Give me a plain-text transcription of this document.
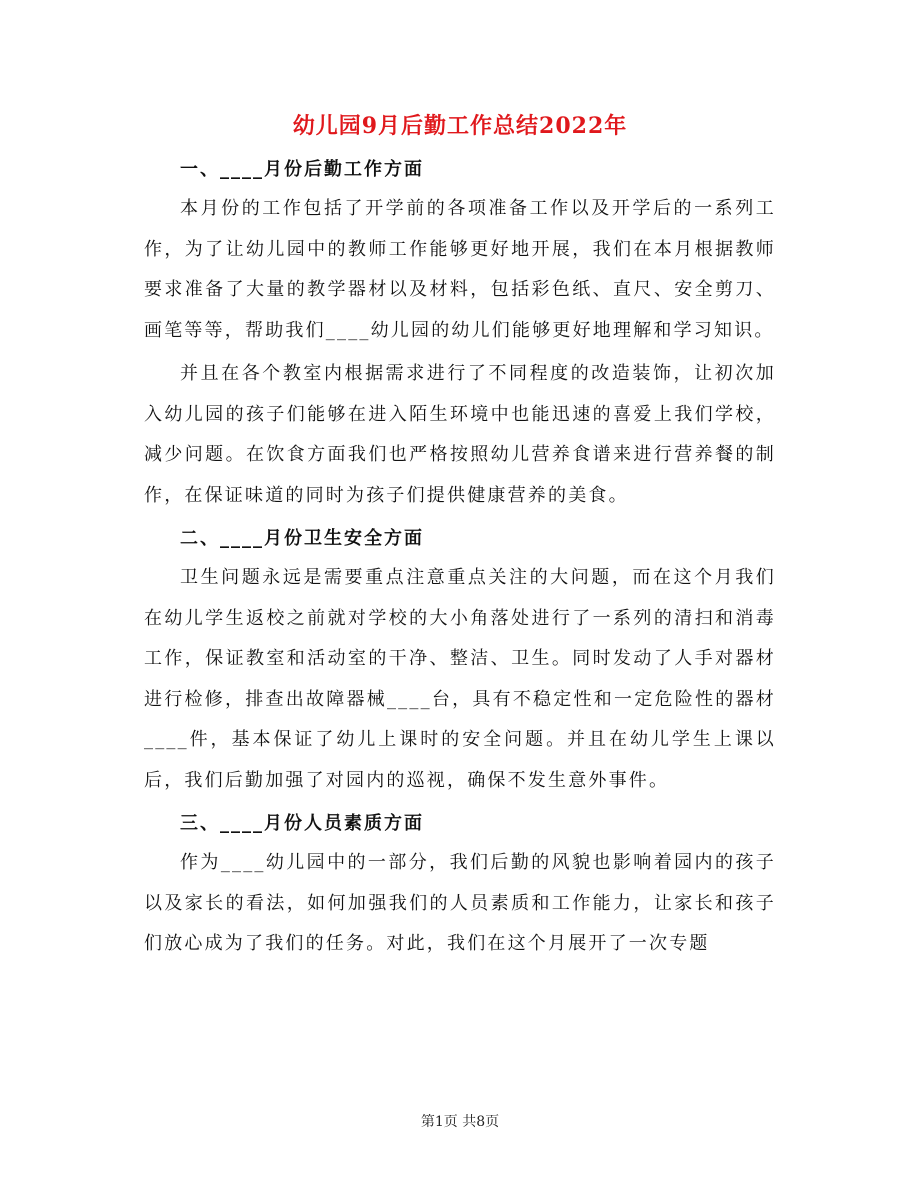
幼儿园9月后勤工作总结2022年

一、____月份后勤工作方面

本月份的工作包括了开学前的各项准备工作以及开学后的一系列工作，为了让幼儿园中的教师工作能够更好地开展，我们在本月根据教师要求准备了大量的教学器材以及材料，包括彩色纸、直尺、安全剪刀、画笔等等，帮助我们____幼儿园的幼儿们能够更好地理解和学习知识。

并且在各个教室内根据需求进行了不同程度的改造装饰，让初次加入幼儿园的孩子们能够在进入陌生环境中也能迅速的喜爱上我们学校，减少问题。在饮食方面我们也严格按照幼儿营养食谱来进行营养餐的制作，在保证味道的同时为孩子们提供健康营养的美食。

二、____月份卫生安全方面

卫生问题永远是需要重点注意重点关注的大问题，而在这个月我们在幼儿学生返校之前就对学校的大小角落处进行了一系列的清扫和消毒工作，保证教室和活动室的干净、整洁、卫生。同时发动了人手对器材进行检修，排查出故障器械____台，具有不稳定性和一定危险性的器材____件，基本保证了幼儿上课时的安全问题。并且在幼儿学生上课以后，我们后勤加强了对园内的巡视，确保不发生意外事件。

三、____月份人员素质方面

作为____幼儿园中的一部分，我们后勤的风貌也影响着园内的孩子以及家长的看法，如何加强我们的人员素质和工作能力，让家长和孩子们放心成为了我们的任务。对此，我们在这个月展开了一次专题

第1页 共8页
